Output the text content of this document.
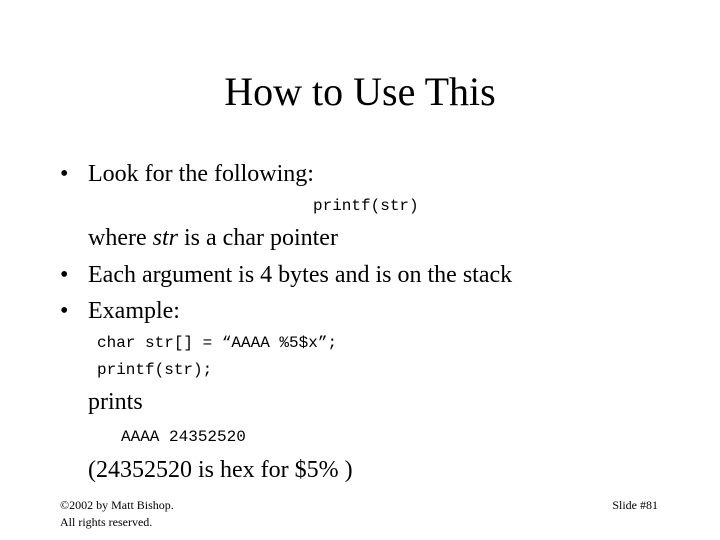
How to Use This
• Look for the following:
printf(str)
where str is a char pointer
• Each argument is 4 bytes and is on the stack
• Example:
char str[] = “AAAA %5$x”;
printf(str);
prints
AAAA 24352520
(24352520 is hex for $5% )
©2002 by Matt Bishop.
All rights reserved.
Slide #81
